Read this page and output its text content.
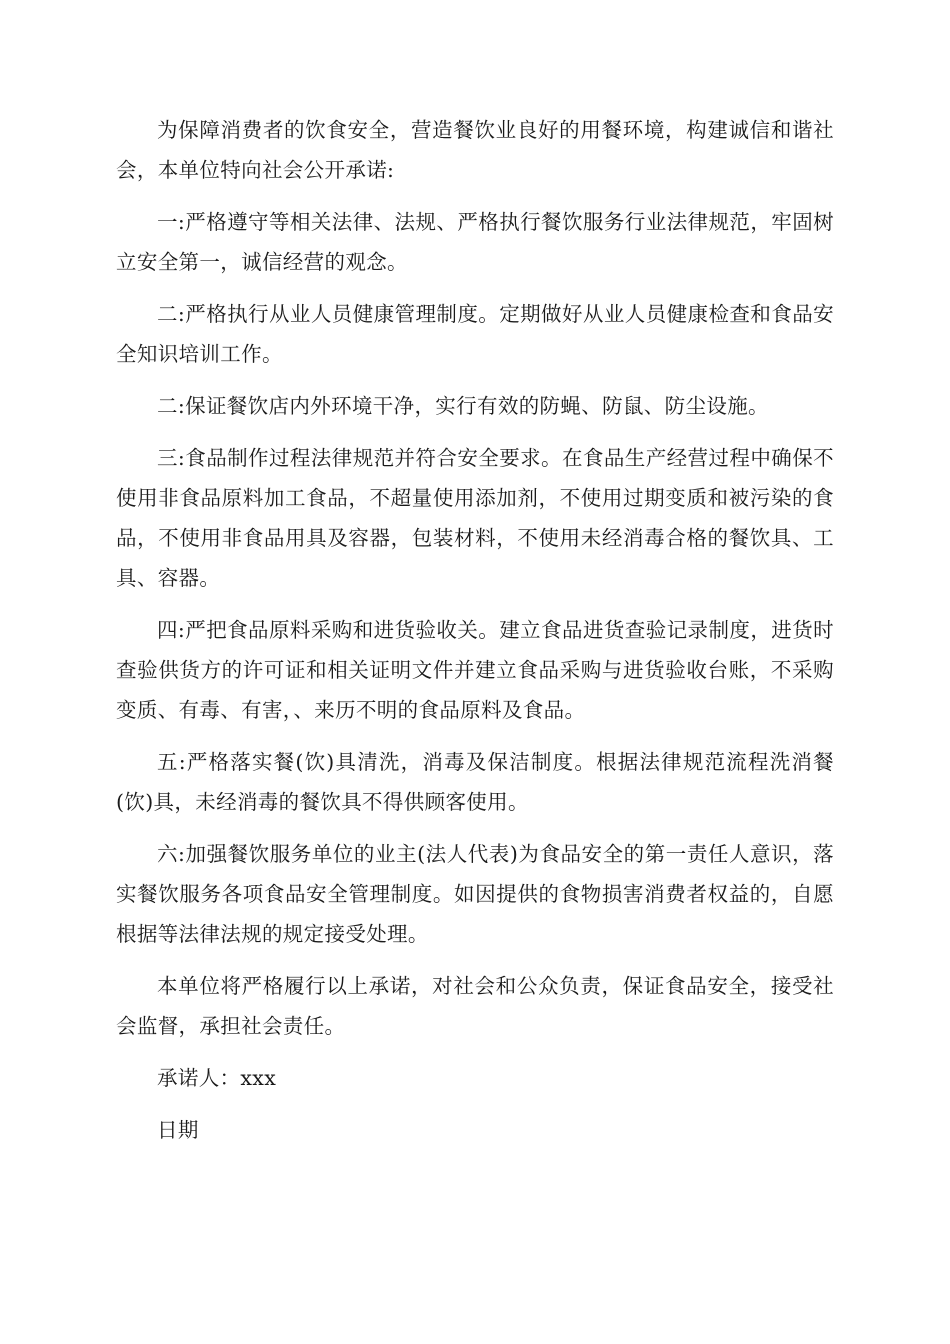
为保障消费者的饮食安全，营造餐饮业良好的用餐环境，构建诚信和谐社会，本单位特向社会公开承诺:

一:严格遵守等相关法律、法规、严格执行餐饮服务行业法律规范，牢固树立安全第一，诚信经营的观念。

二:严格执行从业人员健康管理制度。定期做好从业人员健康检查和食品安全知识培训工作。

二:保证餐饮店内外环境干净，实行有效的防蝇、防鼠、防尘设施。

三:食品制作过程法律规范并符合安全要求。在食品生产经营过程中确保不使用非食品原料加工食品，不超量使用添加剂，不使用过期变质和被污染的食品，不使用非食品用具及容器，包装材料，不使用未经消毒合格的餐饮具、工具、容器。

四:严把食品原料采购和进货验收关。建立食品进货查验记录制度，进货时查验供货方的许可证和相关证明文件并建立食品采购与进货验收台账，不采购变质、有毒、有害，、来历不明的食品原料及食品。

五:严格落实餐(饮)具清洗，消毒及保洁制度。根据法律规范流程洗消餐(饮)具，未经消毒的餐饮具不得供顾客使用。

六:加强餐饮服务单位的业主(法人代表)为食品安全的第一责任人意识，落实餐饮服务各项食品安全管理制度。如因提供的食物损害消费者权益的，自愿根据等法律法规的规定接受处理。

本单位将严格履行以上承诺，对社会和公众负责，保证食品安全，接受社会监督，承担社会责任。

承诺人：xxx

日期
